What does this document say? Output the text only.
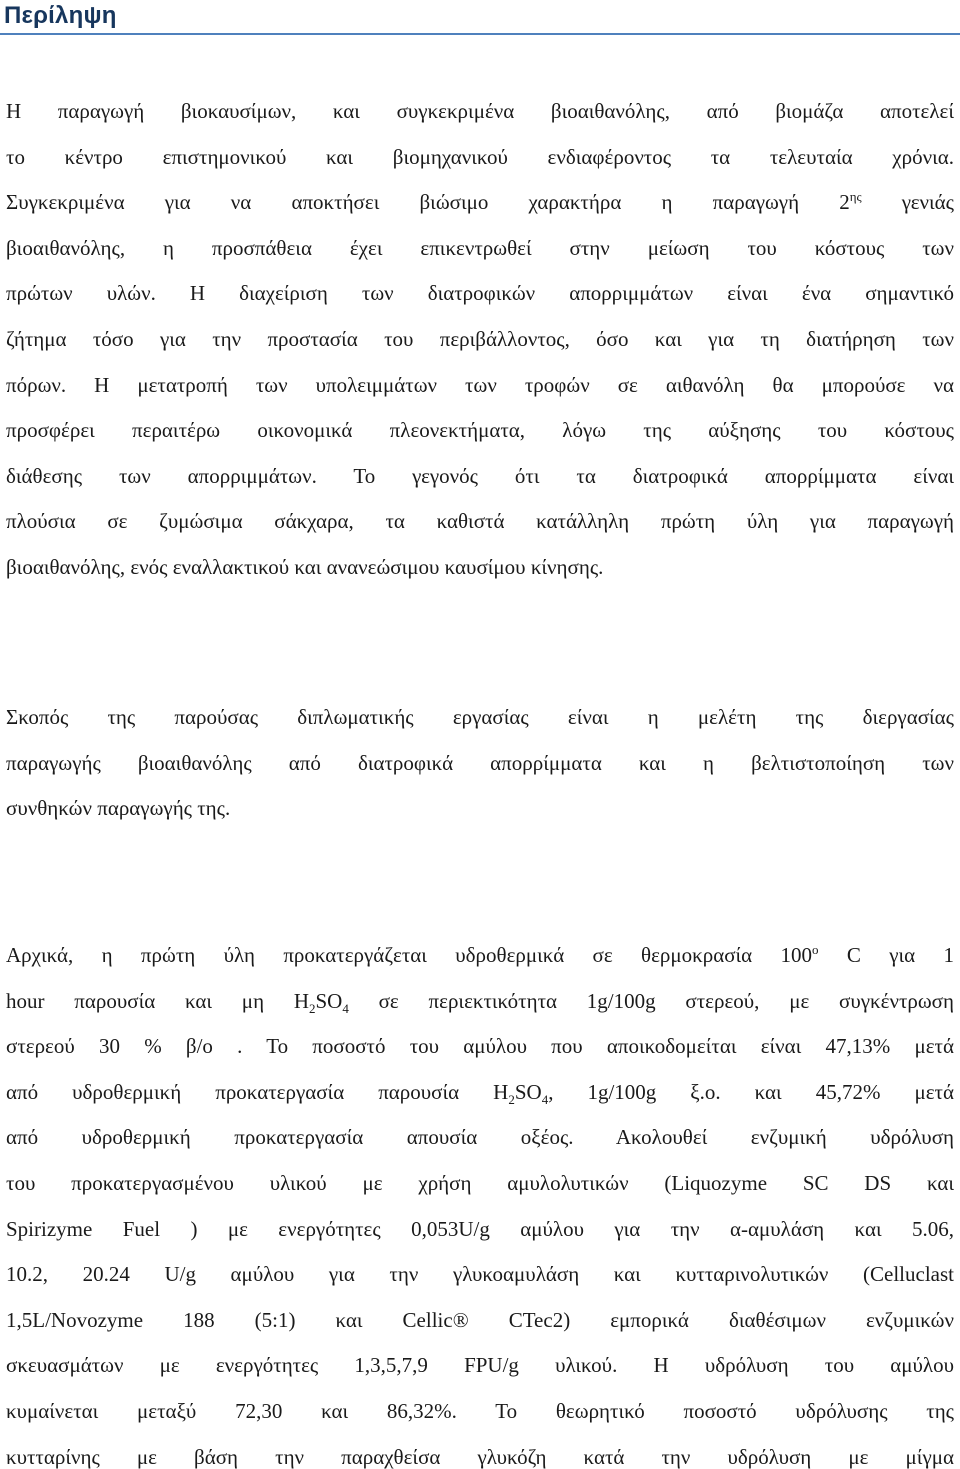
Περίληψη
Η παραγωγή βιοκαυσίμων, και συγκεκριμένα βιοαιθανόλης, από βιομάζα αποτελεί
το κέντρο επιστημονικού και βιομηχανικού ενδιαφέροντος τα τελευταία χρόνια.
Συγκεκριμένα για να αποκτήσει βιώσιμο χαρακτήρα η παραγωγή $2^{\eta\varsigma}$ γενιάς
βιοαιθανόλης, η προσπάθεια έχει επικεντρωθεί στην μείωση του κόστους των
πρώτων υλών. Η διαχείριση των διατροφικών απορριμμάτων είναι ένα σημαντικό
ζήτημα τόσο για την προστασία του περιβάλλοντος, όσο και για τη διατήρηση των
πόρων. Η μετατροπή των υπολειμμάτων των τροφών σε αιθανόλη θα μπορούσε να
προσφέρει περαιτέρω οικονομικά πλεονεκτήματα, λόγω της αύξησης του κόστους
διάθεσης των απορριμμάτων. Το γεγονός ότι τα διατροφικά απορρίμματα είναι
πλούσια σε ζυμώσιμα σάκχαρα, τα καθιστά κατάλληλη πρώτη ύλη για παραγωγή
βιοαιθανόλης, ενός εναλλακτικού και ανανεώσιμου καυσίμου κίνησης.
Σκοπός της παρούσας διπλωματικής εργασίας είναι η μελέτη της διεργασίας
παραγωγής βιοαιθανόλης από διατροφικά απορρίμματα και η βελτιστοποίηση των
συνθηκών παραγωγής της.
Αρχικά, η πρώτη ύλη προκατεργάζεται υδροθερμικά σε θερμοκρασία $100^o$ C για 1
hour παρουσία και μη $H_2SO_4$ σε περιεκτικότητα 1g/100g στερεού, με συγκέντρωση
στερεού 30 % β/ο . Το ποσοστό του αμύλου που αποικοδομείται είναι 47,13% μετά
από υδροθερμική προκατεργασία παρουσία $H_2SO_4$, 1g/100g ξ.ο. και 45,72% μετά
από υδροθερμική προκατεργασία απουσία οξέος. Ακολουθεί ενζυμική υδρόλυση
του προκατεργασμένου υλικού με χρήση αμυλολυτικών (Liquozyme SC DS και
Spirizyme Fuel ) με ενεργότητες 0,053U/g αμύλου για την α-αμυλάση και 5.06,
10.2, 20.24 U/g αμύλου για την γλυκοαμυλάση και κυτταρινολυτικών (Celluclast
1,5L/Novozyme 188 (5:1) και Cellic® CTec2) εμπορικά διαθέσιμων ενζυμικών
σκευασμάτων με ενεργότητες 1,3,5,7,9 FPU/g υλικού. Η υδρόλυση του αμύλου
κυμαίνεται μεταξύ 72,30 και 86,32%. Το θεωρητικό ποσοστό υδρόλυσης της
κυτταρίνης με βάση την παραχθείσα γλυκόζη κατά την υδρόλυση με μίγμα
